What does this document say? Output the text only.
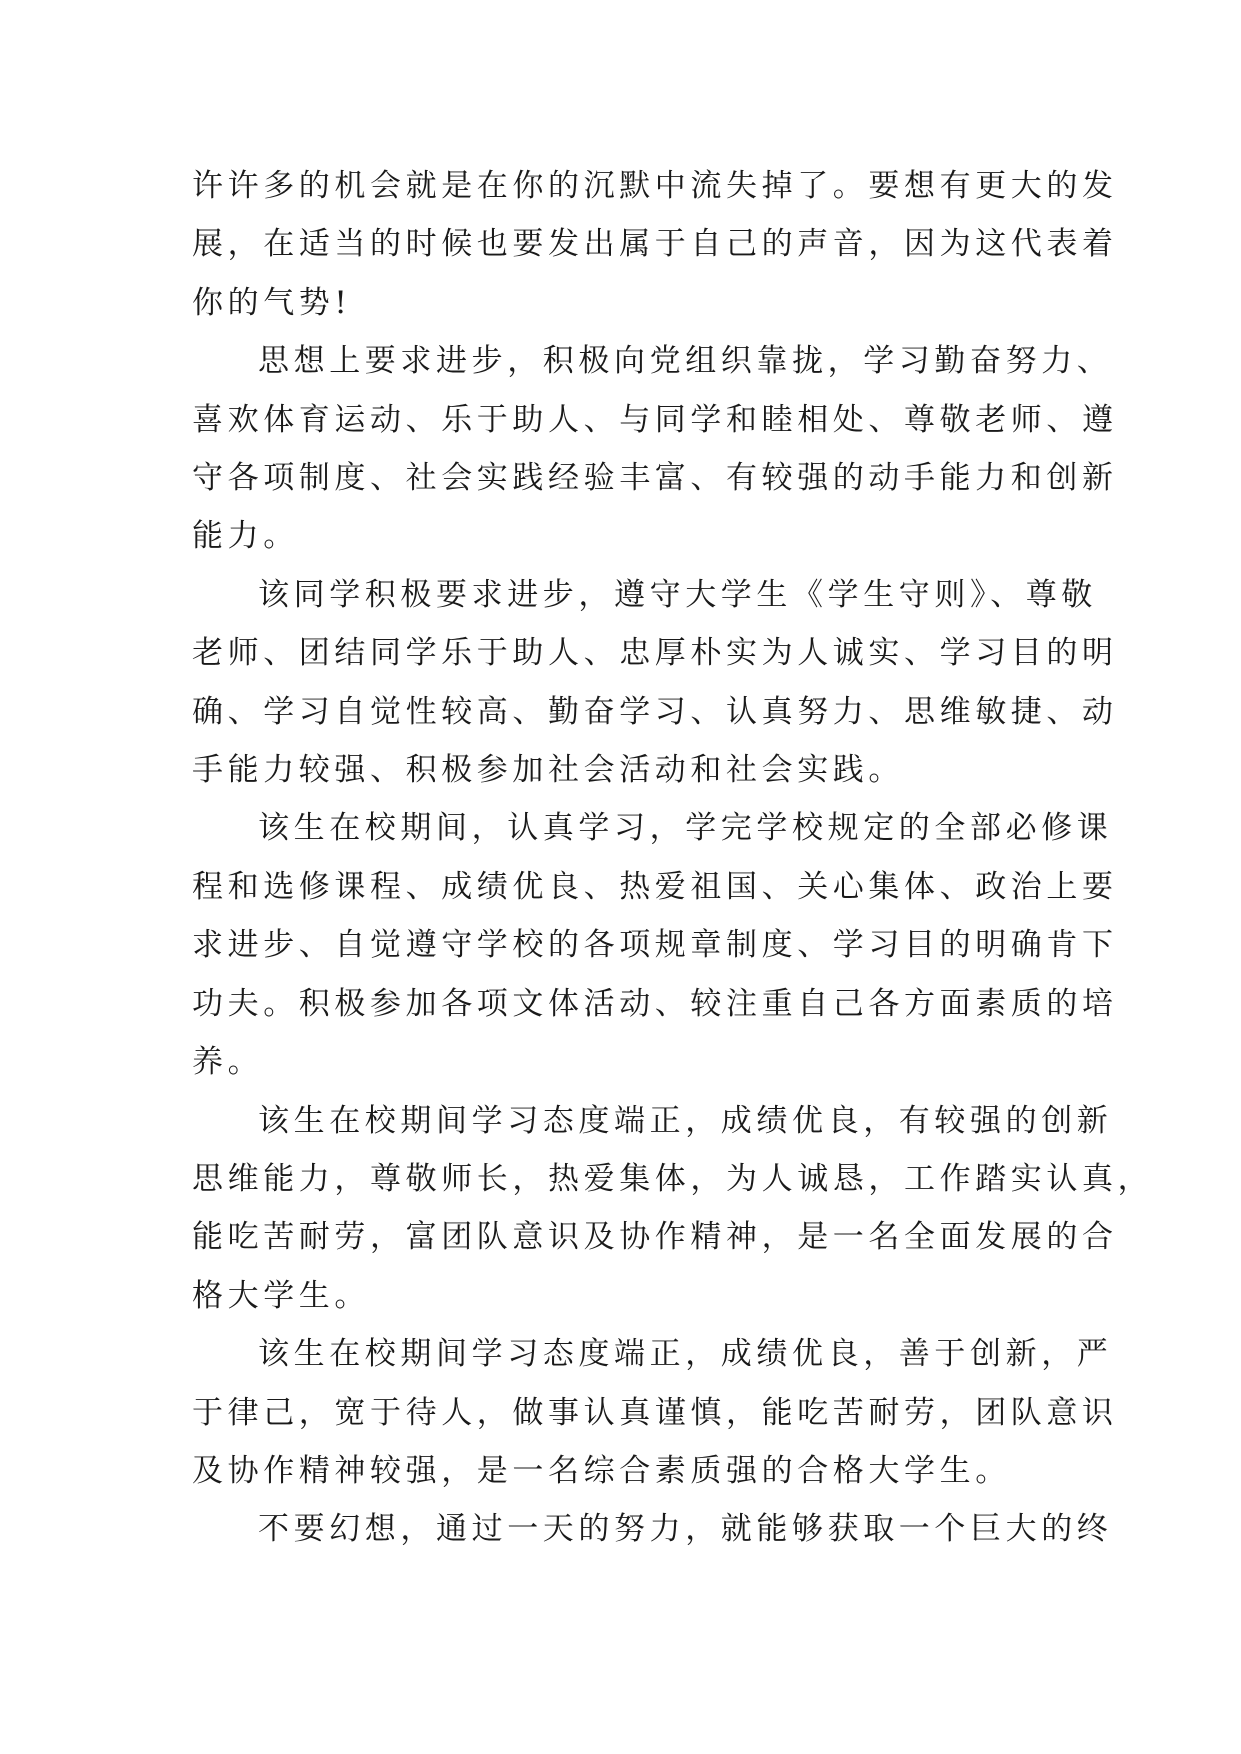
许许多的机会就是在你的沉默中流失掉了。要想有更大的发
展，在适当的时候也要发出属于自己的声音，因为这代表着
你的气势!

思想上要求进步，积极向党组织靠拢，学习勤奋努力、
喜欢体育运动、乐于助人、与同学和睦相处、尊敬老师、遵
守各项制度、社会实践经验丰富、有较强的动手能力和创新
能力。

该同学积极要求进步，遵守大学生《学生守则》、尊敬
老师、团结同学乐于助人、忠厚朴实为人诚实、学习目的明
确、学习自觉性较高、勤奋学习、认真努力、思维敏捷、动
手能力较强、积极参加社会活动和社会实践。

该生在校期间，认真学习，学完学校规定的全部必修课
程和选修课程、成绩优良、热爱祖国、关心集体、政治上要
求进步、自觉遵守学校的各项规章制度、学习目的明确肯下
功夫。积极参加各项文体活动、较注重自己各方面素质的培
养。

该生在校期间学习态度端正，成绩优良，有较强的创新
思维能力，尊敬师长，热爱集体，为人诚恳，工作踏实认真，
能吃苦耐劳，富团队意识及协作精神，是一名全面发展的合
格大学生。

该生在校期间学习态度端正，成绩优良，善于创新，严
于律己，宽于待人，做事认真谨慎，能吃苦耐劳，团队意识
及协作精神较强，是一名综合素质强的合格大学生。

不要幻想，通过一天的努力，就能够获取一个巨大的终
